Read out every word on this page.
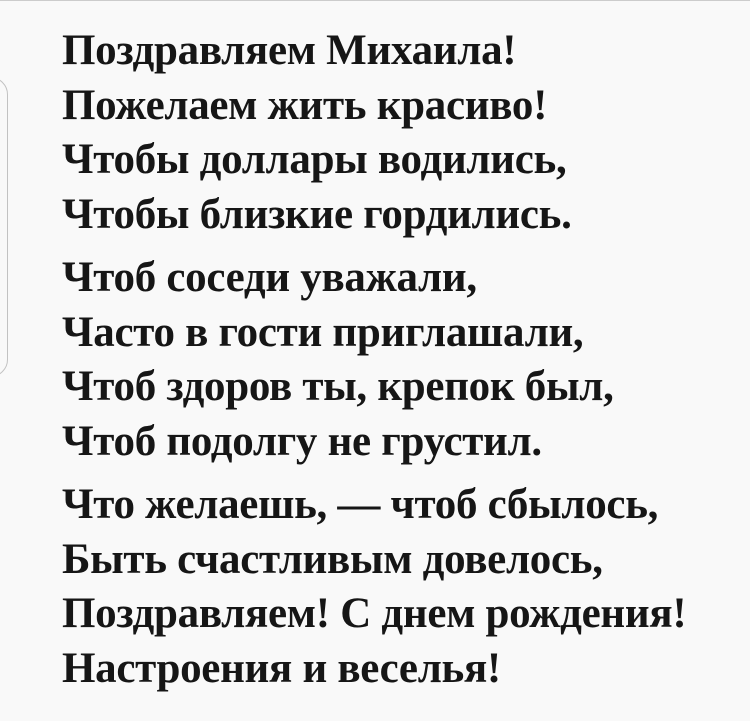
Поздравляем Михаила!
Пожелаем жить красиво!
Чтобы доллары водились,
Чтобы близкие гордились.
Чтоб соседи уважали,
Часто в гости приглашали,
Чтоб здоров ты, крепок был,
Чтоб подолгу не грустил.
Что желаешь, — чтоб сбылось,
Быть счастливым довелось,
Поздравляем! С днем рождения!
Настроения и веселья!
